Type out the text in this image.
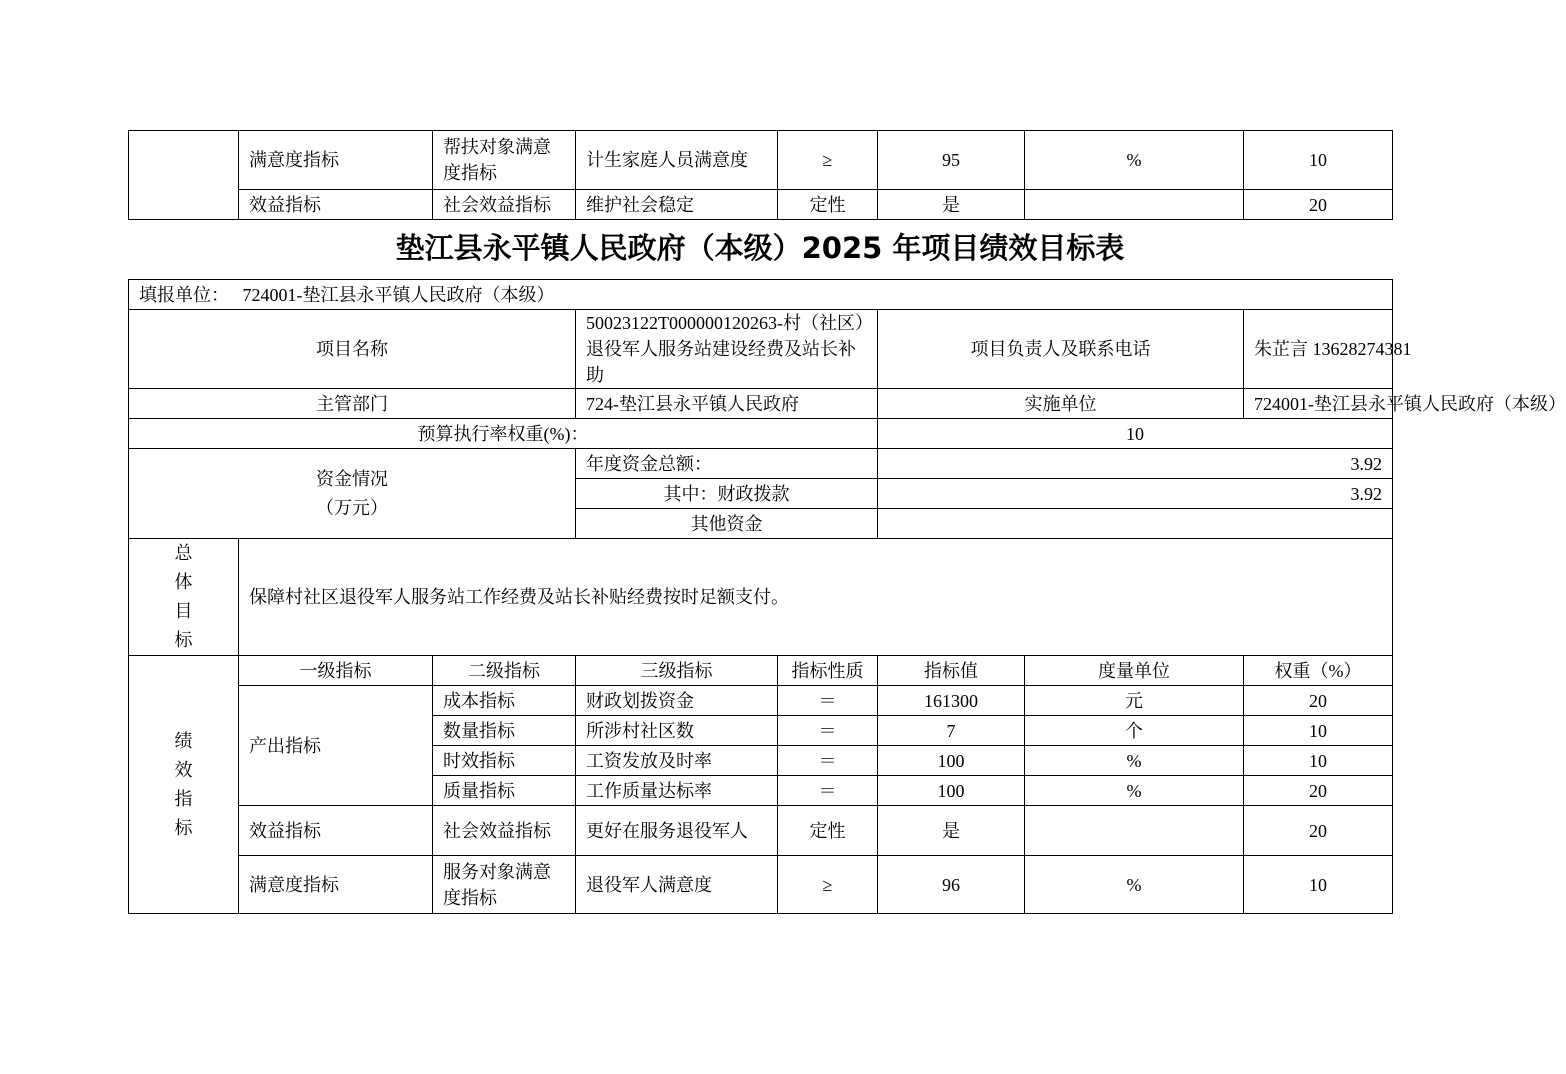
	满意度指标	帮扶对象满意度指标	计生家庭人员满意度	≥	95	%	10
	效益指标	社会效益指标	维护社会稳定	定性	是		20
垫江县永平镇人民政府（本级）2025 年项目绩效目标表
填报单位： 724001-垫江县永平镇人民政府（本级）							
项目名称			50023122T000000120263-村（社区）退役军人服务站建设经费及站长补助		项目负责人及联系电话		朱芷言 13628274381
主管部门			724-垫江县永平镇人民政府		实施单位		724001-垫江县永平镇人民政府（本级）
预算执行率权重(%)：					10		

资金情况
（万元）			年度资金总额：		3.92		
			其中：财政拨款		3.92		
			其他资金				

总
体
目
标	保障村社区退役军人服务站工作经费及站长补贴经费按时足额支付。						

绩
效
指
标	一级指标	二级指标	三级指标	指标性质	指标值	度量单位	权重（%）
	产出指标	成本指标	财政划拨资金	＝	161300	元	20
		数量指标	所涉村社区数	＝	7	个	10
		时效指标	工资发放及时率	＝	100	%	10
		质量指标	工作质量达标率	＝	100	%	20
	效益指标	社会效益指标	更好在服务退役军人	定性	是		20
	满意度指标	服务对象满意度指标	退役军人满意度	≥	96	%	10
